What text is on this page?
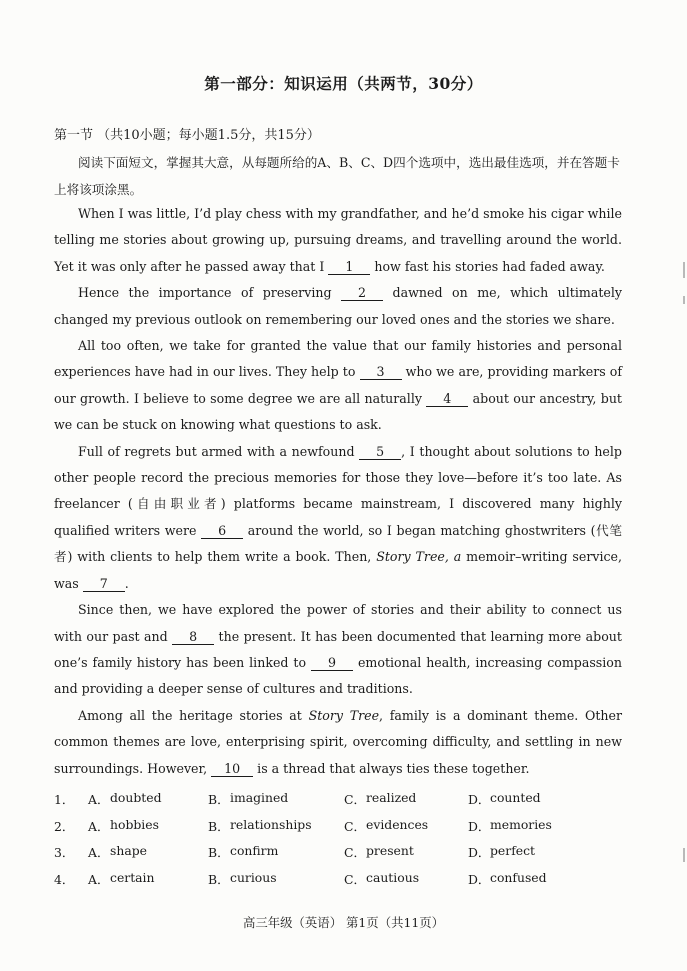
第一部分：知识运用（共两节，30分）
第一节 （共10小题；每小题1.5分，共15分）

阅读下面短文，掌握其大意，从每题所给的A、B、C、D四个选项中，选出最佳选项，并在答题卡上将该项涂黑。

When I was little, I’d play chess with my grandfather, and he’d smoke his cigar while telling me stories about growing up, pursuing dreams, and travelling around the world. Yet it was only after he passed away that I 1 how fast his stories had faded away.

Hence the importance of preserving 2 dawned on me, which ultimately changed my previous outlook on remembering our loved ones and the stories we share.

All too often, we take for granted the value that our family histories and personal experiences have had in our lives. They help to 3 who we are, providing markers of our growth. I believe to some degree we are all naturally 4 about our ancestry, but we can be stuck on knowing what questions to ask.

Full of regrets but armed with a newfound 5 , I thought about solutions to help other people record the precious memories for those they love—before it’s too late. As freelancer (自由职业者) platforms became mainstream, I discovered many highly qualified writers were 6 around the world, so I began matching ghostwriters (代笔者) with clients to help them write a book. Then, Story Tree, a memoir–writing service, was 7 .

Since then, we have explored the power of stories and their ability to connect us with our past and 8 the present. It has been documented that learning more about one’s family history has been linked to 9 emotional health, increasing compassion and providing a deeper sense of cultures and traditions.

Among all the heritage stories at Story Tree, family is a dominant theme. Other common themes are love, enterprising spirit, overcoming difficulty, and settling in new surroundings. However, 10 is a thread that always ties these together.

1．	A． doubted	B． imagined	C． realized	D． counted
2．	A． hobbies	B． relationships	C． evidences	D． memories
3．	A． shape	B． confirm	C． present	D． perfect
4．	A． certain	B． curious	C． cautious	D． confused
高三年级（英语） 第1页（共11页）
